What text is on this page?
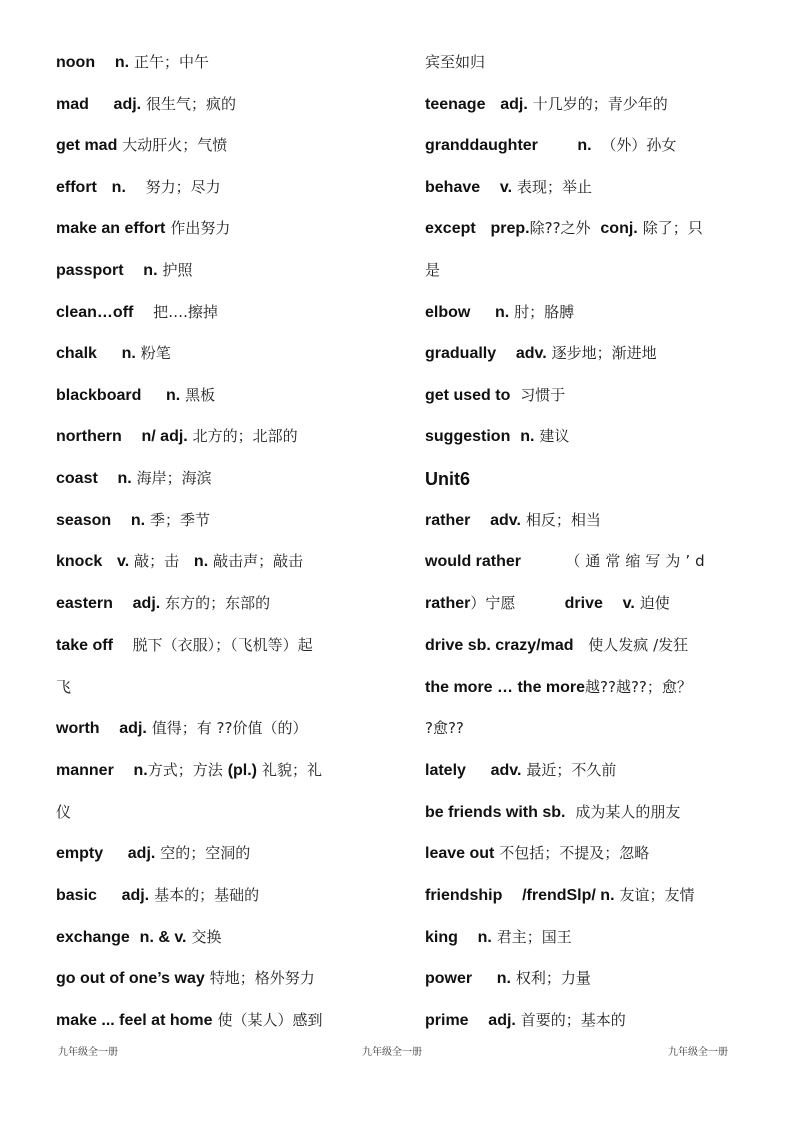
noon n. 正午；中午
mad adj. 很生气；疯的
get mad 大动肝火；气愤
effort n. 努力；尽力
make an effort 作出努力
passport n. 护照
clean…off 把….擦掉
chalk n. 粉笔
blackboard n. 黑板
northern n/ adj. 北方的；北部的
coast n. 海岸；海滨
season n. 季；季节
knock v. 敲；击 n. 敲击声；敲击
eastern adj. 东方的；东部的
take off 脱下（衣服）；（飞机等）起
飞
worth adj. 值得；有 ??价值（的）
manner n.方式；方法 (pl.) 礼貌；礼
仪
empty adj. 空的；空洞的
basic adj. 基本的；基础的
exchange n. & v. 交换
go out of one’s way 特地；格外努力
make ... feel at home 使（某人）感到
宾至如归
teenage adj. 十几岁的；青少年的
granddaughter n. （外）孙女
behave v. 表现；举止
except prep.除??之外 conj. 除了；只
是
elbow n. 肘；胳膊
gradually adv. 逐步地；渐进地
get used to 习惯于
suggestion n. 建议
Unit6
rather adv. 相反；相当
would rather	（通常缩写为’d
rather）宁愿	drive v. 迫使
drive sb. crazy/mad 使人发疯 /发狂
the more … the more越??越??；愈？
?愈??
lately adv. 最近；不久前
be friends with sb. 成为某人的朋友
leave out 不包括；不提及；忽略
friendship /frendSlp/ n. 友谊；友情
king n. 君主；国王
power n. 权利；力量
prime adj. 首要的；基本的
九年级全一册	九年级全一册	九年级全一册
